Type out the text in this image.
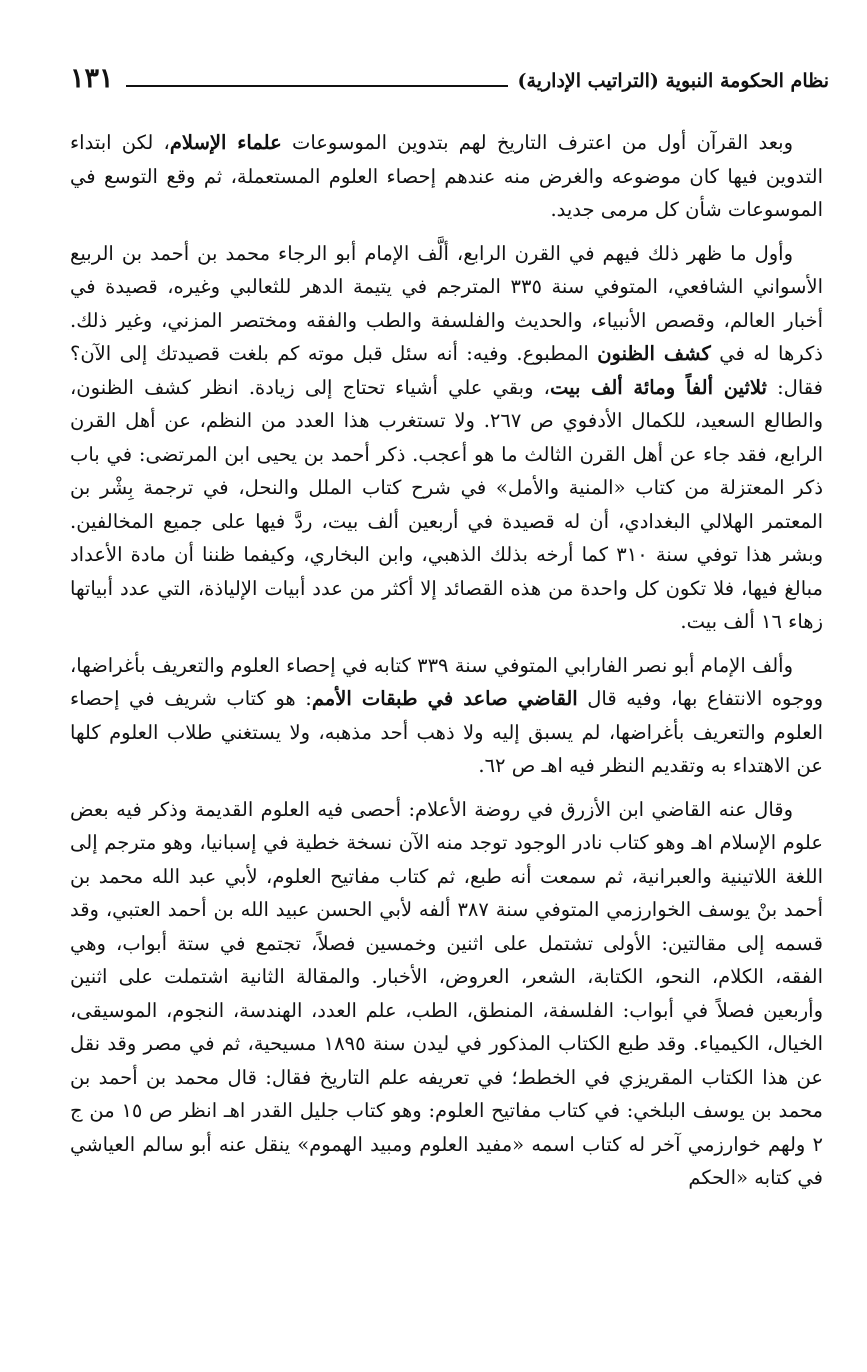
١٣١	نظام الحكومة النبوية (التراتيب الإدارية)

وبعد القرآن أول من اعترف التاريخ لهم بتدوين الموسوعات علماء الإسلام، لكن ابتداء التدوين فيها كان موضوعه والغرض منه عندهم إحصاء العلوم المستعملة، ثم وقع التوسع في الموسوعات شأن كل مرمى جديد.

وأول ما ظهر ذلك فيهم في القرن الرابع، ألَّف الإمام أبو الرجاء محمد بن أحمد بن الربيع الأسواني الشافعي، المتوفي سنة ٣٣٥ المترجم في يتيمة الدهر للثعالبي وغيره، قصيدة في أخبار العالم، وقصص الأنبياء، والحديث والفلسفة والطب والفقه ومختصر المزني، وغير ذلك. ذكرها له في كشف الظنون المطبوع. وفيه: أنه سئل قبل موته كم بلغت قصيدتك إلى الآن؟ فقال: ثلاثين ألفاً ومائة ألف بيت، وبقي علي أشياء تحتاج إلى زيادة. انظر كشف الظنون، والطالع السعيد، للكمال الأدفوي ص ٢٦٧. ولا تستغرب هذا العدد من النظم، عن أهل القرن الرابع، فقد جاء عن أهل القرن الثالث ما هو أعجب. ذكر أحمد بن يحيى ابن المرتضى: في باب ذكر المعتزلة من كتاب «المنية والأمل» في شرح كتاب الملل والنحل، في ترجمة بِشْر بن المعتمر الهلالي البغدادي، أن له قصيدة في أربعين ألف بيت، ردَّ فيها على جميع المخالفين. وبشر هذا توفي سنة ٣١٠ كما أرخه بذلك الذهبي، وابن البخاري، وكيفما ظننا أن مادة الأعداد مبالغ فيها، فلا تكون كل واحدة من هذه القصائد إلا أكثر من عدد أبيات الإلياذة، التي عدد أبياتها زهاء ١٦ ألف بيت.

وألف الإمام أبو نصر الفارابي المتوفي سنة ٣٣٩ كتابه في إحصاء العلوم والتعريف بأغراضها، ووجوه الانتفاع بها، وفيه قال القاضي صاعد في طبقات الأمم: هو كتاب شريف في إحصاء العلوم والتعريف بأغراضها، لم يسبق إليه ولا ذهب أحد مذهبه، ولا يستغني طلاب العلوم كلها عن الاهتداء به وتقديم النظر فيه اهـ ص ٦٢.

وقال عنه القاضي ابن الأزرق في روضة الأعلام: أحصى فيه العلوم القديمة وذكر فيه بعض علوم الإسلام اهـ وهو كتاب نادر الوجود توجد منه الآن نسخة خطية في إسبانيا، وهو مترجم إلى اللغة اللاتينية والعبرانية، ثم سمعت أنه طبع، ثم كتاب مفاتيح العلوم، لأبي عبد الله محمد بن أحمد بنْ يوسف الخوارزمي المتوفي سنة ٣٨٧ ألفه لأبي الحسن عبيد الله بن أحمد العتبي، وقد قسمه إلى مقالتين: الأولى تشتمل على اثنين وخمسين فصلاً، تجتمع في ستة أبواب، وهي الفقه، الكلام، النحو، الكتابة، الشعر، العروض، الأخبار. والمقالة الثانية اشتملت على اثنين وأربعين فصلاً في أبواب: الفلسفة، المنطق، الطب، علم العدد، الهندسة، النجوم، الموسيقى، الخيال، الكيمياء. وقد طبع الكتاب المذكور في ليدن سنة ١٨٩٥ مسيحية، ثم في مصر وقد نقل عن هذا الكتاب المقريزي في الخطط؛ في تعريفه علم التاريخ فقال: قال محمد بن أحمد بن محمد بن يوسف البلخي: في كتاب مفاتيح العلوم: وهو كتاب جليل القدر اهـ انظر ص ١٥ من ج ٢ ولهم خوارزمي آخر له كتاب اسمه «مفيد العلوم ومبيد الهموم» ينقل عنه أبو سالم العياشي في كتابه «الحكم
